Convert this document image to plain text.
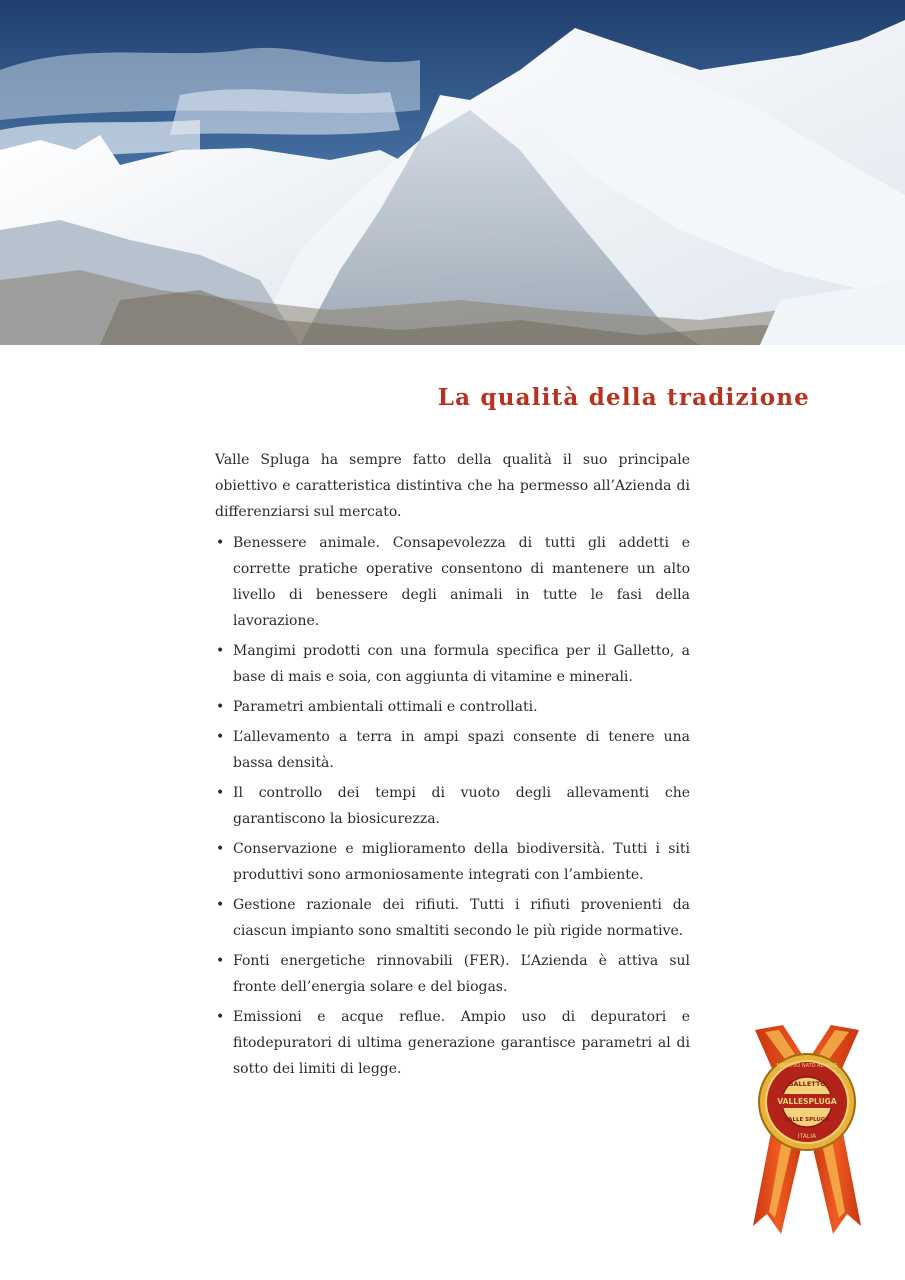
La qualità della tradizione

Valle Spluga ha sempre fatto della qualità il suo principale obiettivo e caratteristica distintiva che ha permesso all’Azienda di differenziarsi sul mercato.

• Benessere animale. Consapevolezza di tutti gli addetti e corrette pratiche operative consentono di mantenere un alto livello di benessere degli animali in tutte le fasi della lavorazione.
• Mangimi prodotti con una formula specifica per il Galletto, a base di mais e soia, con aggiunta di vitamine e minerali.
• Parametri ambientali ottimali e controllati.
• L’allevamento a terra in ampi spazi consente di tenere una bassa densità.
• Il controllo dei tempi di vuoto degli allevamenti che garantiscono la biosicurezza.
• Conservazione e miglioramento della biodiversità. Tutti i siti produttivi sono armoniosamente integrati con l’ambiente.
• Gestione razionale dei rifiuti. Tutti i rifiuti provenienti da ciascun impianto sono smaltiti secondo le più rigide normative.
• Fonti energetiche rinnovabili (FER). L’Azienda è attiva sul fronte dell’energia solare e del biogas.
• Emissioni e acque reflue. Ampio uso di depuratori e fitodepuratori di ultima generazione garantisce parametri al di sotto dei limiti di legge.	MARCHIO NATO AL MAIS
GALLETTO
VALLESPLUGA
VALLE SPLUGA
ITALIA
